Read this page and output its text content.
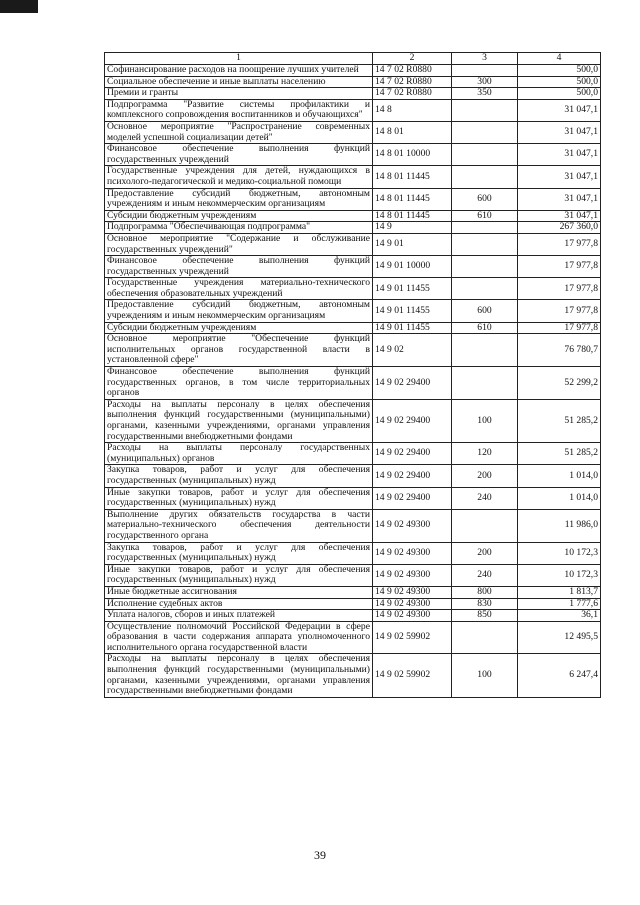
1	2	3	4
Софинансирование расходов на поощрение лучших учителей	14 7 02 R0880		500,0
Социальное обеспечение и иные выплаты населению	14 7 02 R0880	300	500,0
Премии и гранты	14 7 02 R0880	350	500,0
Подпрограмма "Развитие системы профилактики и комплексного сопровождения воспитанников и обучающихся"	14 8		31 047,1
Основное мероприятие "Распространение современных моделей успешной социализации детей"	14 8 01		31 047,1
Финансовое обеспечение выполнения функций государственных учреждений	14 8 01 10000		31 047,1
Государственные учреждения для детей, нуждающихся в психолого-педагогической и медико-социальной помощи	14 8 01 11445		31 047,1
Предоставление субсидий бюджетным, автономным учреждениям и иным некоммерческим организациям	14 8 01 11445	600	31 047,1
Субсидии бюджетным учреждениям	14 8 01 11445	610	31 047,1
Подпрограмма "Обеспечивающая подпрограмма"	14 9		267 360,0
Основное мероприятие "Содержание и обслуживание государственных учреждений"	14 9 01		17 977,8
Финансовое обеспечение выполнения функций государственных учреждений	14 9 01 10000		17 977,8
Государственные учреждения материально-технического обеспечения образовательных учреждений	14 9 01 11455		17 977,8
Предоставление субсидий бюджетным, автономным учреждениям и иным некоммерческим организациям	14 9 01 11455	600	17 977,8
Субсидии бюджетным учреждениям	14 9 01 11455	610	17 977,8
Основное мероприятие "Обеспечение функций исполнительных органов государственной власти в установленной сфере"	14 9 02		76 780,7
Финансовое обеспечение выполнения функций государственных органов, в том числе территориальных органов	14 9 02 29400		52 299,2
Расходы на выплаты персоналу в целях обеспечения выполнения функций государственными (муниципальными) органами, казенными учреждениями, органами управления государственными внебюджетными фондами	14 9 02 29400	100	51 285,2
Расходы на выплаты персоналу государственных (муниципальных) органов	14 9 02 29400	120	51 285,2
Закупка товаров, работ и услуг для обеспечения государственных (муниципальных) нужд	14 9 02 29400	200	1 014,0
Иные закупки товаров, работ и услуг для обеспечения государственных (муниципальных) нужд	14 9 02 29400	240	1 014,0
Выполнение других обязательств государства в части материально-технического обеспечения деятельности государственного органа	14 9 02 49300		11 986,0
Закупка товаров, работ и услуг для обеспечения государственных (муниципальных) нужд	14 9 02 49300	200	10 172,3
Иные закупки товаров, работ и услуг для обеспечения государственных (муниципальных) нужд	14 9 02 49300	240	10 172,3
Иные бюджетные ассигнования	14 9 02 49300	800	1 813,7
Исполнение судебных актов	14 9 02 49300	830	1 777,6
Уплата налогов, сборов и иных платежей	14 9 02 49300	850	36,1
Осуществление полномочий Российской Федерации в сфере образования в части содержания аппарата уполномоченного исполнительного органа государственной власти	14 9 02 59902		12 495,5
Расходы на выплаты персоналу в целях обеспечения выполнения функций государственными (муниципальными) органами, казенными учреждениями, органами управления государственными внебюджетными фондами	14 9 02 59902	100	6 247,4
39
